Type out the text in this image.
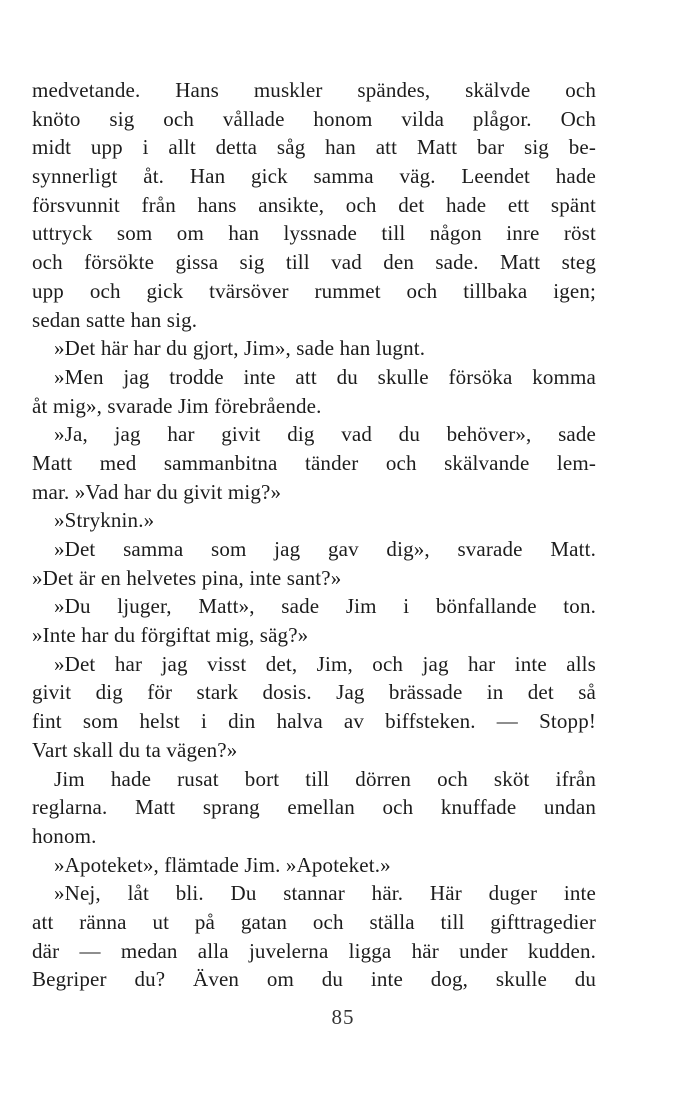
medvetande. Hans muskler spändes, skälvde och
knöto sig och vållade honom vilda plågor. Och
midt upp i allt detta såg han att Matt bar sig be-
synnerligt åt. Han gick samma väg. Leendet hade
försvunnit från hans ansikte, och det hade ett spänt
uttryck som om han lyssnade till någon inre röst
och försökte gissa sig till vad den sade. Matt steg
upp och gick tvärsöver rummet och tillbaka igen;
sedan satte han sig.
»Det här har du gjort, Jim», sade han lugnt.
»Men jag trodde inte att du skulle försöka komma
åt mig», svarade Jim förebrående.
»Ja, jag har givit dig vad du behöver», sade
Matt med sammanbitna tänder och skälvande lem-
mar. »Vad har du givit mig?»
»Stryknin.»
»Det samma som jag gav dig», svarade Matt.
»Det är en helvetes pina, inte sant?»
»Du ljuger, Matt», sade Jim i bönfallande ton.
»Inte har du förgiftat mig, säg?»
»Det har jag visst det, Jim, och jag har inte alls
givit dig för stark dosis. Jag brässade in det så
fint som helst i din halva av biffsteken. — Stopp!
Vart skall du ta vägen?»
Jim hade rusat bort till dörren och sköt ifrån
reglarna. Matt sprang emellan och knuffade undan
honom.
»Apoteket», flämtade Jim. »Apoteket.»
»Nej, låt bli. Du stannar här. Här duger inte
att ränna ut på gatan och ställa till gifttragedier
där — medan alla juvelerna ligga här under kudden.
Begriper du? Även om du inte dog, skulle du
85
